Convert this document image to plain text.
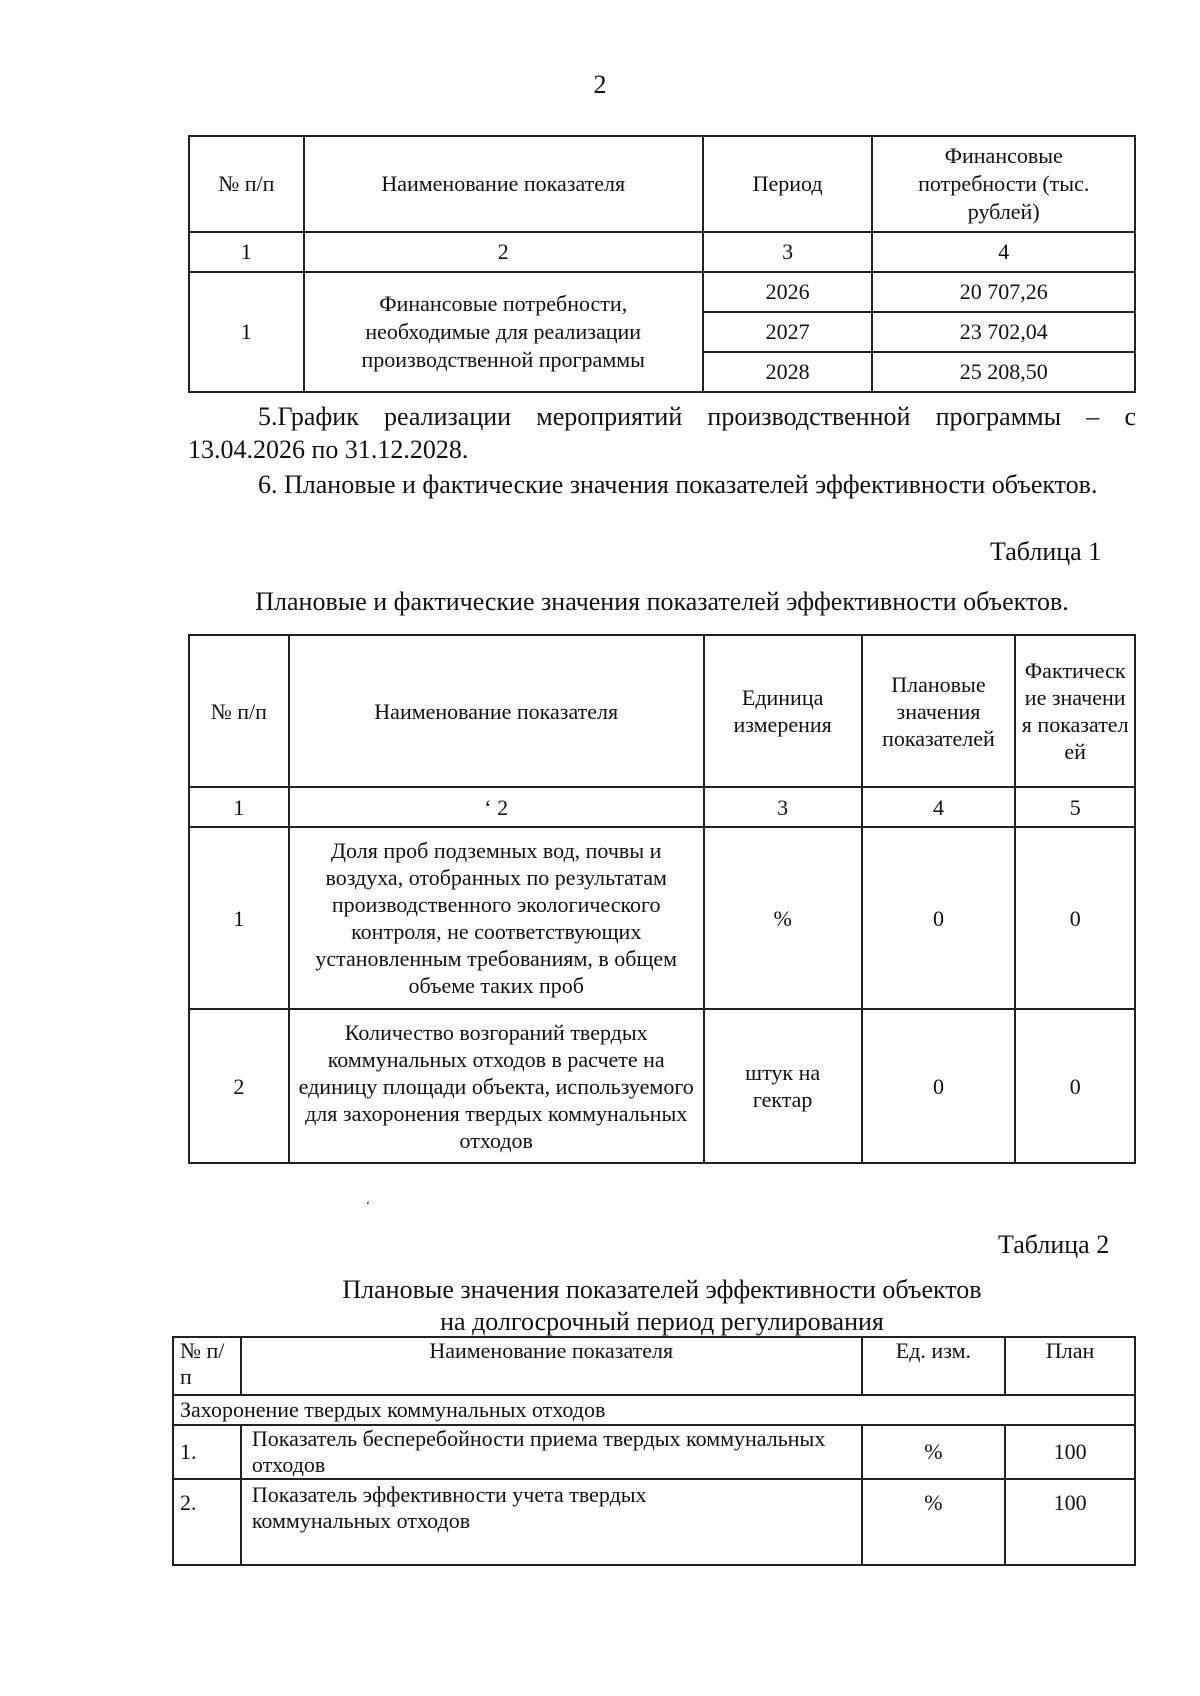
2
№ п/п	Наименование показателя	Период	Финансовые потребности (тыс. рублей)
1	2	3	4
1	Финансовые потребности, необходимые для реализации производственной программы	2026	20 707,26
		2027	23 702,04
		2028	25 208,50
5.График реализации мероприятий производственной программы – с 13.04.2026 по 31.12.2028.
6. Плановые и фактические значения показателей эффективности объектов.
Таблица 1
Плановые и фактические значения показателей эффективности объектов.
№ п/п	Наименование показателя	Единица измерения	Плановые значения показателей	Фактические значения показателей
1	‘ 2	3	4	5
1	Доля проб подземных вод, почвы и воздуха, отобранных по результатам производственного экологического контроля, не соответствующих установленным требованиям, в общем объеме таких проб	%	0	0
2	Количество возгораний твердых коммунальных отходов в расчете на единицу площади объекта, используемого для захоронения твердых коммунальных отходов	штук на гектар	0	0
‘
Таблица 2
Плановые значения показателей эффективности объектов на долгосрочный период регулирования
№ п/п	Наименование показателя	Ед. изм.	План
Захоронение твердых коммунальных отходов			
1.	Показатель бесперебойности приема твердых коммунальных отходов	%	100
2.	Показатель эффективности учета твердых коммунальных отходов	%	100
